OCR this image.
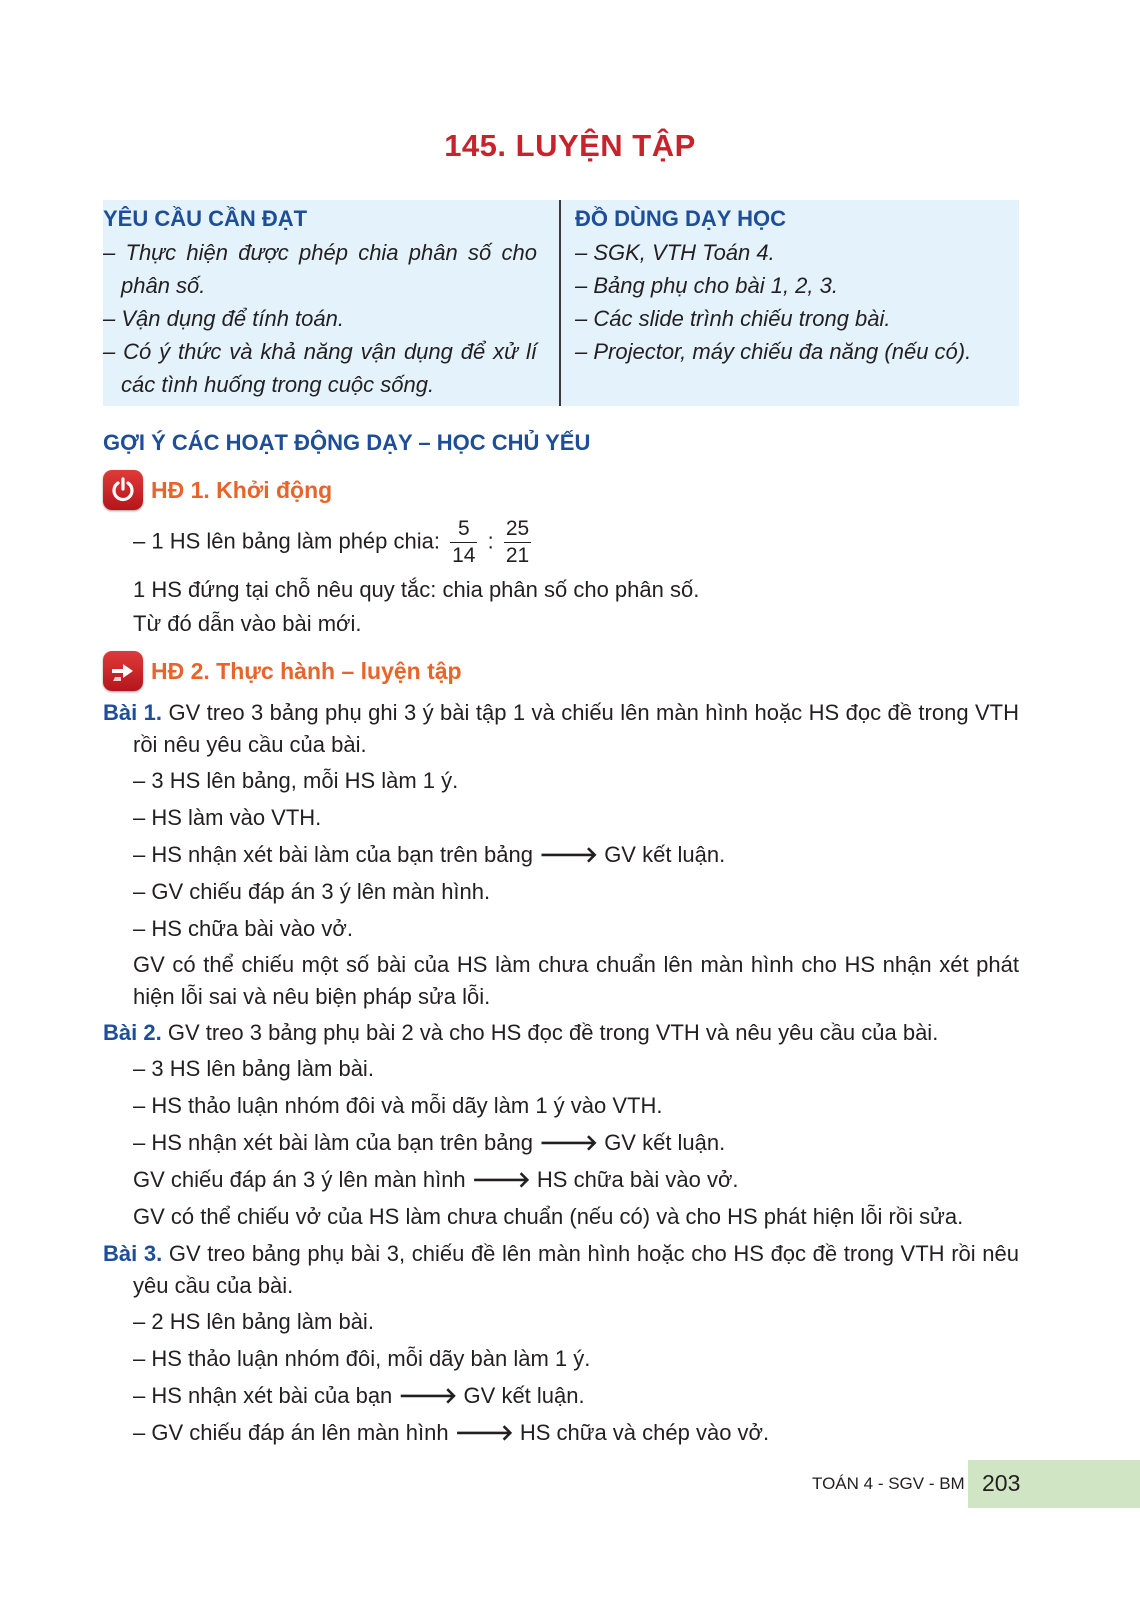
145. LUYỆN TẬP
YÊU CẦU CẦN ĐẠT
– Thực hiện được phép chia phân số cho phân số.
– Vận dụng để tính toán.
– Có ý thức và khả năng vận dụng để xử lí các tình huống trong cuộc sống.
ĐỒ DÙNG DẠY HỌC
– SGK, VTH Toán 4.
– Bảng phụ cho bài 1, 2, 3.
– Các slide trình chiếu trong bài.
– Projector, máy chiếu đa năng (nếu có).
GỢI Ý CÁC HOẠT ĐỘNG DẠY – HỌC CHỦ YẾU
HĐ 1. Khởi động
– 1 HS lên bảng làm phép chia: $\frac{5}{14}$ : $\frac{25}{21}$
1 HS đứng tại chỗ nêu quy tắc: chia phân số cho phân số.
Từ đó dẫn vào bài mới.
HĐ 2. Thực hành – luyện tập
Bài 1. GV treo 3 bảng phụ ghi 3 ý bài tập 1 và chiếu lên màn hình hoặc HS đọc đề trong VTH rồi nêu yêu cầu của bài.
– 3 HS lên bảng, mỗi HS làm 1 ý.
– HS làm vào VTH.
– HS nhận xét bài làm của bạn trên bảng 🡒 GV kết luận.
– GV chiếu đáp án 3 ý lên màn hình.
– HS chữa bài vào vở.
GV có thể chiếu một số bài của HS làm chưa chuẩn lên màn hình cho HS nhận xét phát hiện lỗi sai và nêu biện pháp sửa lỗi.
Bài 2. GV treo 3 bảng phụ bài 2 và cho HS đọc đề trong VTH và nêu yêu cầu của bài.
– 3 HS lên bảng làm bài.
– HS thảo luận nhóm đôi và mỗi dãy làm 1 ý vào VTH.
– HS nhận xét bài làm của bạn trên bảng 🡒 GV kết luận.
GV chiếu đáp án 3 ý lên màn hình 🡒 HS chữa bài vào vở.
GV có thể chiếu vở của HS làm chưa chuẩn (nếu có) và cho HS phát hiện lỗi rồi sửa.
Bài 3. GV treo bảng phụ bài 3, chiếu đề lên màn hình hoặc cho HS đọc đề trong VTH rồi nêu yêu cầu của bài.
– 2 HS lên bảng làm bài.
– HS thảo luận nhóm đôi, mỗi dãy bàn làm 1 ý.
– HS nhận xét bài của bạn 🡒 GV kết luận.
– GV chiếu đáp án lên màn hình 🡒 HS chữa và chép vào vở.
TOÁN 4 - SGV - BM 203
